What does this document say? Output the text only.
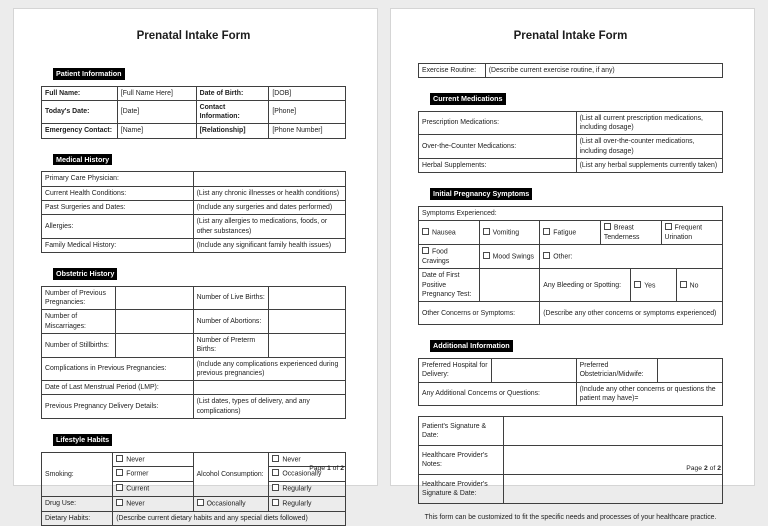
Prenatal Intake Form
Patient Information
Full Name:	[Full Name Here]	Date of Birth:	[DOB]
Today's Date:	[Date]	Contact Information:	[Phone]
Emergency Contact:	[Name]	[Relationship]	[Phone Number]
Medical History
Primary Care Physician:	
Current Health Conditions:	(List any chronic illnesses or health conditions)
Past Surgeries and Dates:	(Include any surgeries and dates performed)
Allergies:	(List any allergies to medications, foods, or other substances)
Family Medical History:	(Include any significant family health issues)
Obstetric History
Number of Previous Pregnancies:		Number of Live Births:	
Number of Miscarriages:		Number of Abortions:	
Number of Stillbirths:		Number of Preterm Births:	
Complications in Previous Pregnancies:		(Include any complications experienced during previous pregnancies)	
Date of Last Menstrual Period (LMP):			
Previous Pregnancy Delivery Details:		(List dates, types of delivery, and any complications)	
Lifestyle Habits
Smoking:	Never	Alcohol Consumption:	Never
	Former		Occasionally
	Current		Regularly
Drug Use:	Never	Occasionally	Regularly
Dietary Habits:	(Describe current dietary habits and any special diets followed)		
Page 1 of 2
Prenatal Intake Form
Exercise Routine:	(Describe current exercise routine, if any)
Current Medications
Prescription Medications:	(List all current prescription medications, including dosage)
Over-the-Counter Medications:	(List all over-the-counter medications, including dosage)
Herbal Supplements:	(List any herbal supplements currently taken)
Initial Pregnancy Symptoms
Symptoms Experienced:						
Nausea	Vomiting	Fatigue	Breast Tenderness		Frequent Urination	
Food Cravings	Mood Swings	Other:				
Date of First Positive Pregnancy Test:		Any Bleeding or Spotting:		Yes		No
Other Concerns or Symptoms:		(Describe any other concerns or symptoms experienced)				
Additional Information
Preferred Hospital for Delivery:		Preferred Obstetrician/Midwife:	
Any Additional Concerns or Questions:		(Include any other concerns or questions the patient may have)=	
Patient's Signature & Date:	
Healthcare Provider's Notes:	
Healthcare Provider's Signature & Date:	
This form can be customized to fit the specific needs and processes of your healthcare practice.
Page 2 of 2
